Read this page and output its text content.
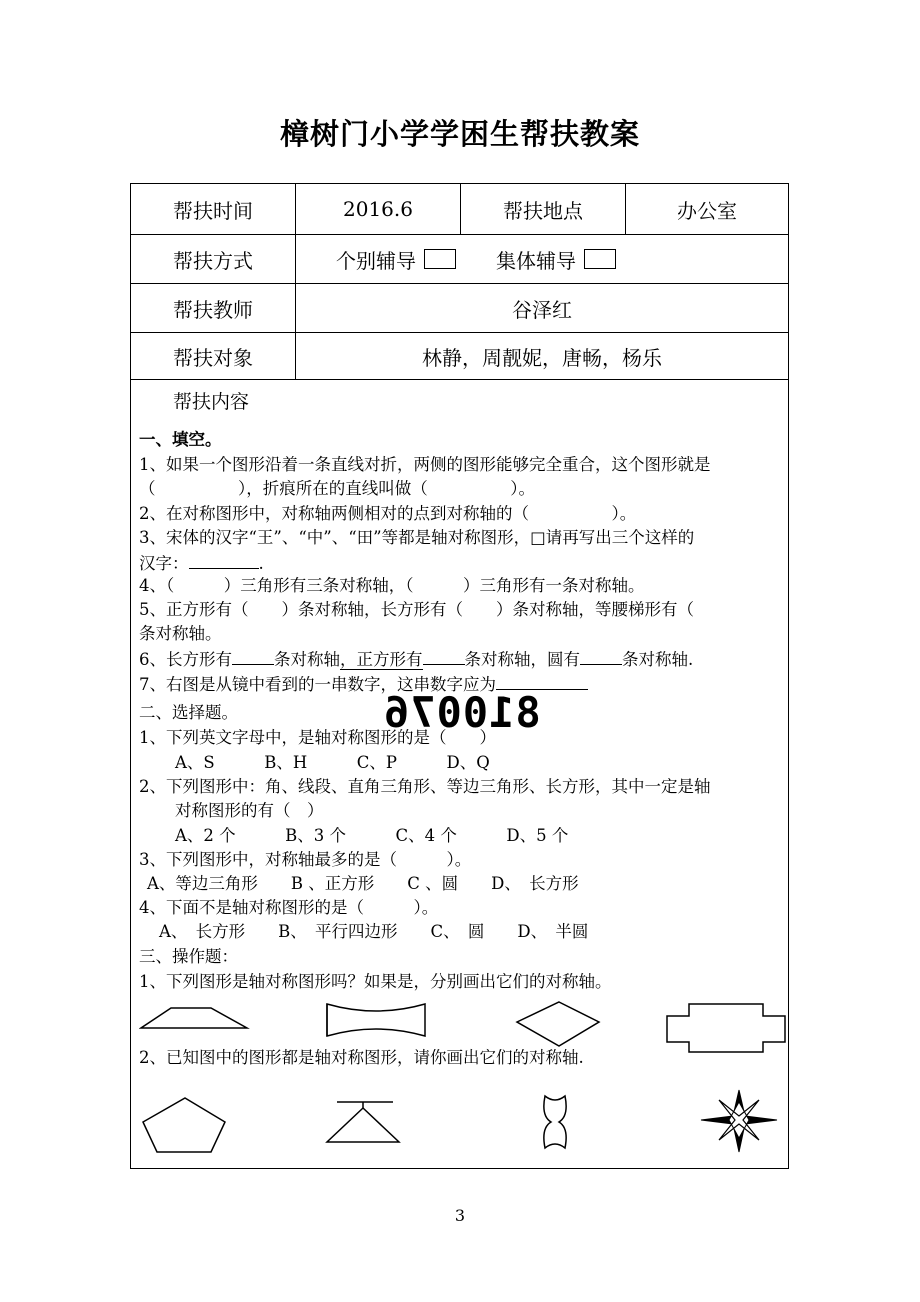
樟树门小学学困生帮扶教案
帮扶时间	2016.6	帮扶地点	办公室
帮扶方式	个别辅导	集体辅导
帮扶教师	谷泽红
帮扶对象	林静，周靓妮，唐畅，杨乐
帮扶内容
一、填空。
1、如果一个图形沿着一条直线对折，两侧的图形能够完全重合，这个图形就是
（　　　　　），折痕所在的直线叫做（　　　　　）。
2、在对称图形中，对称轴两侧相对的点到对称轴的（　　　　　）。
3、宋体的汉字“王”、“中”、“田”等都是轴对称图形，□请再写出三个这样的
汉字：	.
4、（　　　）三角形有三条对称轴，（　　　）三角形有一条对称轴。
5、正方形有（　　）条对称轴，长方形有（　　）条对称轴，等腰梯形有（
条对称轴。
6、长方形有	条对称轴，正方形有	条对称轴，圆有	条对称轴.
7、右图是从镜中看到的一串数字，这串数字应为
810076
二、选择题。
1、下列英文字母中，是轴对称图形的是（　　）
A、S　　　B、H　　　C、P　　　D、Q
2、下列图形中：角、线段、直角三角形、等边三角形、长方形，其中一定是轴
对称图形的有（　）
A、2 个　　　B、3 个　　　C、4 个　　　D、5 个
3、下列图形中，对称轴最多的是（　　　）。
A、等边三角形　　B 、正方形　　C 、圆　　D、　长方形
4、下面不是轴对称图形的是（　　　）。
A、　长方形　　B、　平行四边形　　C、　圆　　D、　半圆
三、操作题：
1、下列图形是轴对称图形吗？如果是，分别画出它们的对称轴。
2、已知图中的图形都是轴对称图形，请你画出它们的对称轴.
3
